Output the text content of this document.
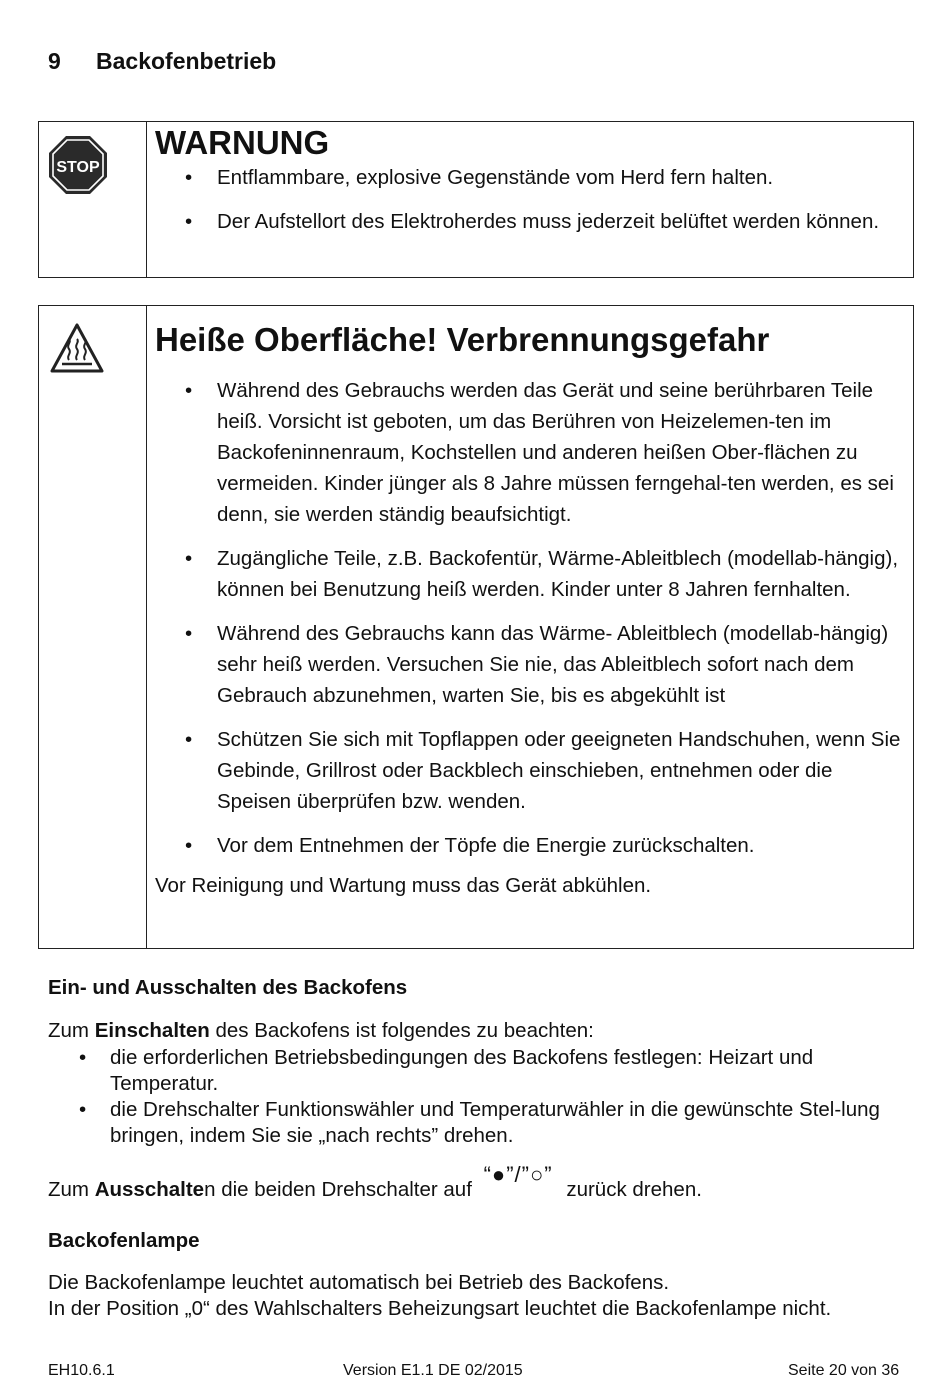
9 Backofenbetrieb
STOP
WARNUNG
• Entflammbare, explosive Gegenstände vom Herd fern halten.
• Der Aufstellort des Elektroherdes muss jederzeit belüftet werden können.
Heiße Oberfläche! Verbrennungsgefahr
• Während des Gebrauchs werden das Gerät und seine berührbaren Teile heiß. Vorsicht ist geboten, um das Berühren von Heizelemen-ten im Backofeninnenraum, Kochstellen und anderen heißen Ober-flächen zu vermeiden. Kinder jünger als 8 Jahre müssen ferngehal-ten werden, es sei denn, sie werden ständig beaufsichtigt.
• Zugängliche Teile, z.B. Backofentür, Wärme-Ableitblech (modellab-hängig), können bei Benutzung heiß werden. Kinder unter 8 Jahren fernhalten.
• Während des Gebrauchs kann das Wärme- Ableitblech (modellab-hängig) sehr heiß werden. Versuchen Sie nie, das Ableitblech sofort nach dem Gebrauch abzunehmen, warten Sie, bis es abgekühlt ist
• Schützen Sie sich mit Topflappen oder geeigneten Handschuhen, wenn Sie Gebinde, Grillrost oder Backblech einschieben, entnehmen oder die Speisen überprüfen bzw. wenden.
• Vor dem Entnehmen der Töpfe die Energie zurückschalten.
Vor Reinigung und Wartung muss das Gerät abkühlen.
Ein- und Ausschalten des Backofens
Zum Einschalten des Backofens ist folgendes zu beachten:
• die erforderlichen Betriebsbedingungen des Backofens festlegen: Heizart und Temperatur.
• die Drehschalter Funktionswähler und Temperaturwähler in die gewünschte Stel-lung bringen, indem Sie sie „nach rechts” drehen.
Zum Ausschalten die beiden Drehschalter auf “●”/”○” zurück drehen.
Backofenlampe
Die Backofenlampe leuchtet automatisch bei Betrieb des Backofens.
In der Position „0“ des Wahlschalters Beheizungsart leuchtet die Backofenlampe nicht.
EH10.6.1	Version E1.1 DE 02/2015	Seite 20 von 36
